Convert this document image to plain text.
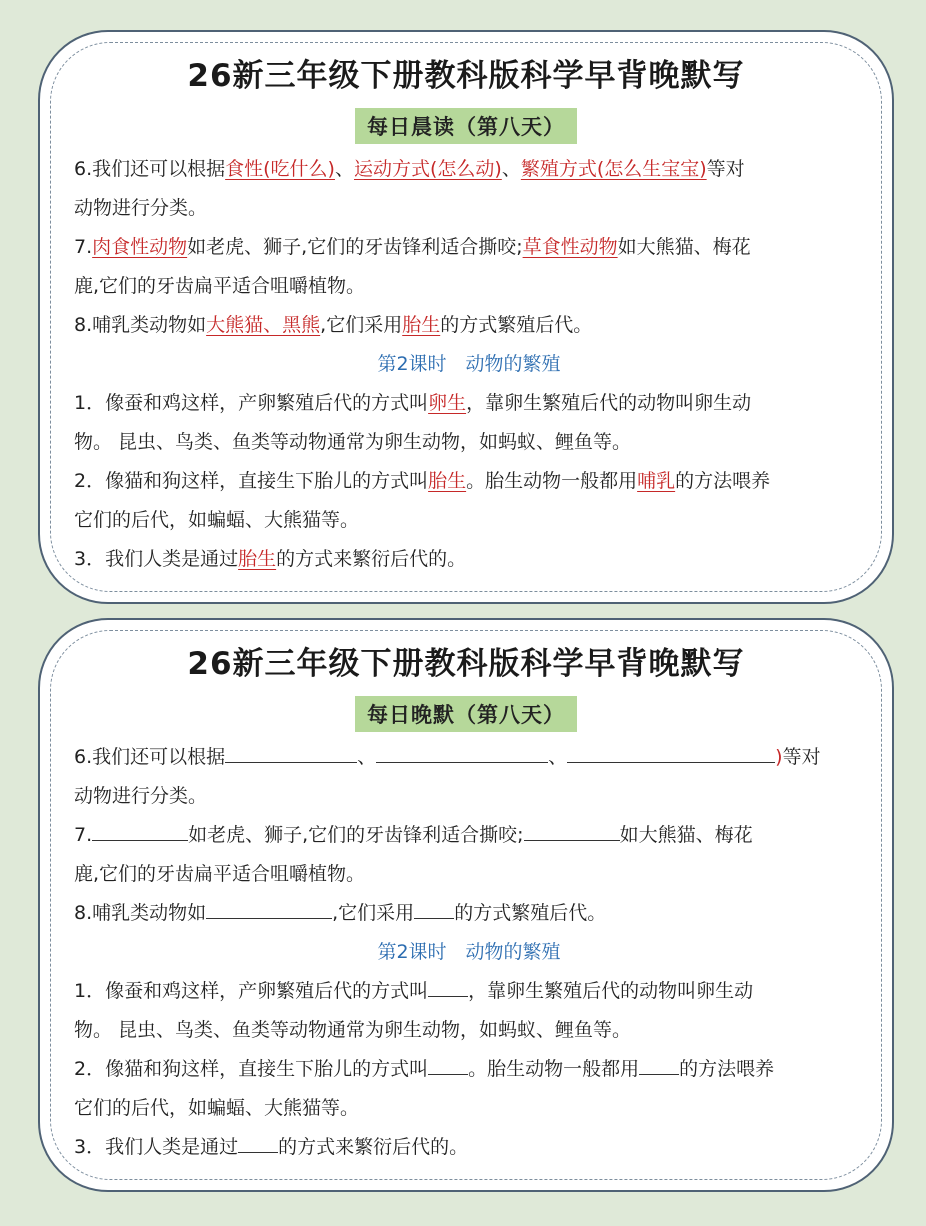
26新三年级下册教科版科学早背晚默写
每日晨读（第八天）
6.我们还可以根据食性(吃什么)、运动方式(怎么动)、繁殖方式(怎么生宝宝)等对
动物进行分类。
7.肉食性动物如老虎、狮子,它们的牙齿锋利适合撕咬;草食性动物如大熊猫、梅花
鹿,它们的牙齿扁平适合咀嚼植物。
8.哺乳类动物如大熊猫、黑熊,它们采用胎生的方式繁殖后代。
第2课时　动物的繁殖
1．像蚕和鸡这样，产卵繁殖后代的方式叫卵生，靠卵生繁殖后代的动物叫卵生动
物。 昆虫、鸟类、鱼类等动物通常为卵生动物，如蚂蚁、鲤鱼等。
2．像猫和狗这样，直接生下胎儿的方式叫胎生。胎生动物一般都用哺乳的方法喂养
它们的后代，如蝙蝠、大熊猫等。
3．我们人类是通过胎生的方式来繁衍后代的。
26新三年级下册教科版科学早背晚默写
每日晚默（第八天）
6.我们还可以根据	、	、	)等对
动物进行分类。
7.	如老虎、狮子,它们的牙齿锋利适合撕咬;	如大熊猫、梅花
鹿,它们的牙齿扁平适合咀嚼植物。
8.哺乳类动物如	,它们采用 的方式繁殖后代。
第2课时　动物的繁殖
1．像蚕和鸡这样，产卵繁殖后代的方式叫 ，靠卵生繁殖后代的动物叫卵生动
物。 昆虫、鸟类、鱼类等动物通常为卵生动物，如蚂蚁、鲤鱼等。
2．像猫和狗这样，直接生下胎儿的方式叫 。胎生动物一般都用 的方法喂养
它们的后代，如蝙蝠、大熊猫等。
3．我们人类是通过 的方式来繁衍后代的。
